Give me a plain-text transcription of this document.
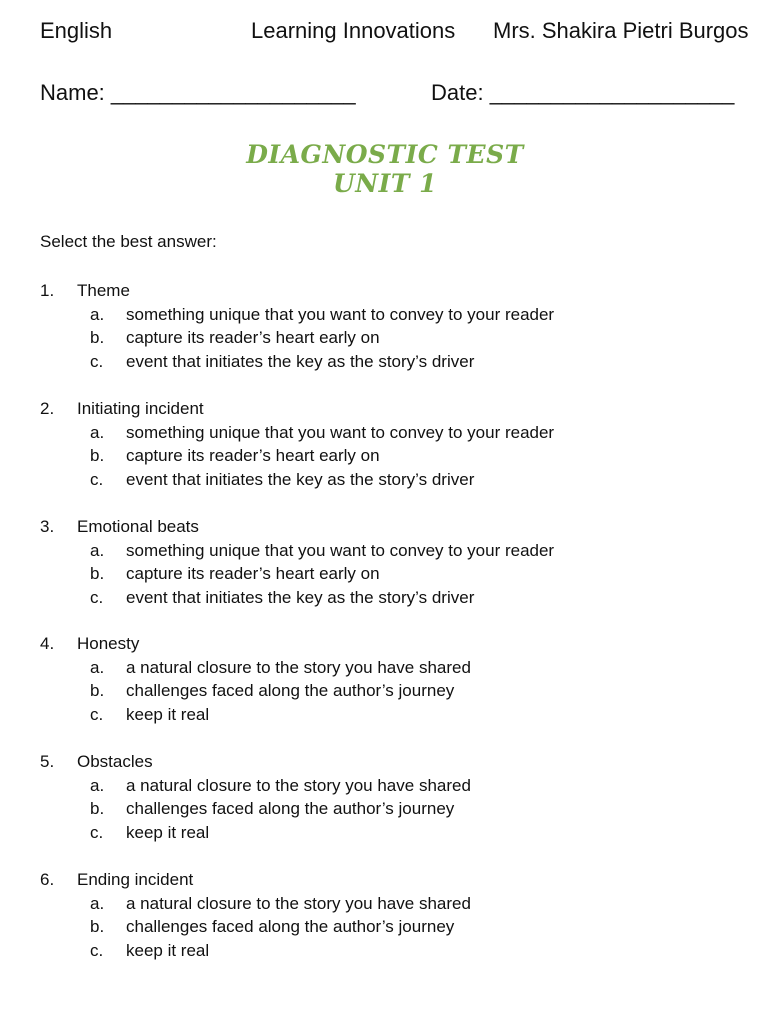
English	Learning Innovations Mrs. Shakira Pietri Burgos
Name: ____________________	Date: ____________________
DIAGNOSTIC TEST
UNIT 1
Select the best answer:
1. Theme
a. something unique that you want to convey to your reader
b. capture its reader’s heart early on
c. event that initiates the key as the story’s driver
2. Initiating incident
a. something unique that you want to convey to your reader
b. capture its reader’s heart early on
c. event that initiates the key as the story’s driver
3. Emotional beats
a. something unique that you want to convey to your reader
b. capture its reader’s heart early on
c. event that initiates the key as the story’s driver
4. Honesty
a. a natural closure to the story you have shared
b. challenges faced along the author’s journey
c. keep it real
5. Obstacles
a. a natural closure to the story you have shared
b. challenges faced along the author’s journey
c. keep it real
6. Ending incident
a. a natural closure to the story you have shared
b. challenges faced along the author’s journey
c. keep it real
